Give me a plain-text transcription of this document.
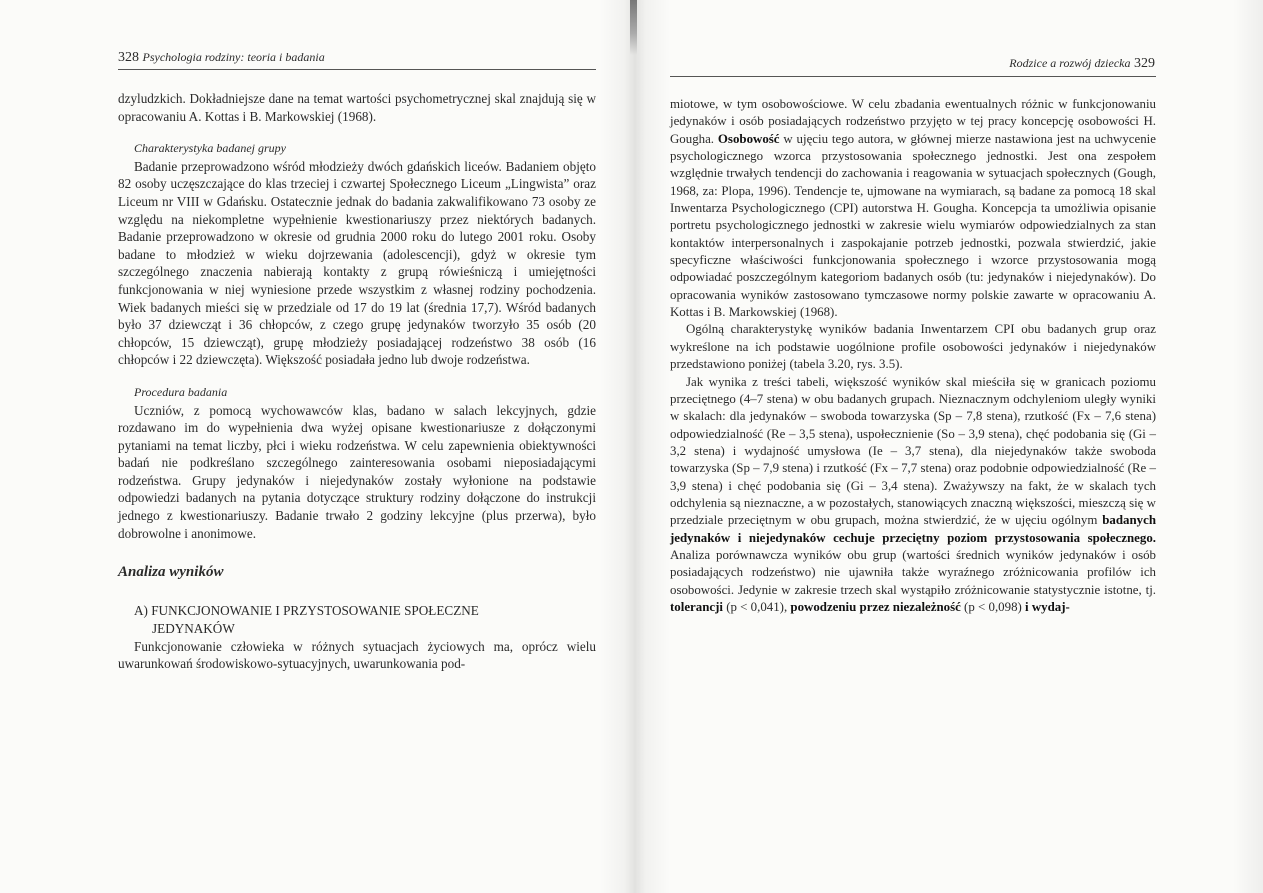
328 Psychologia rodziny: teoria i badania

dzyludzkich. Dokładniejsze dane na temat wartości psychometrycznej skal znajdują się w opracowaniu A. Kottas i B. Markowskiej (1968).

Charakterystyka badanej grupy

Badanie przeprowadzono wśród młodzieży dwóch gdańskich liceów. Badaniem objęto 82 osoby uczęszczające do klas trzeciej i czwartej Społecznego Liceum „Lingwista” oraz Liceum nr VIII w Gdańsku. Ostatecznie jednak do badania zakwalifikowano 73 osoby ze względu na niekompletne wypełnienie kwestionariuszy przez niektórych badanych. Badanie przeprowadzono w okresie od grudnia 2000 roku do lutego 2001 roku. Osoby badane to młodzież w wieku dojrzewania (adolescencji), gdyż w okresie tym szczególnego znaczenia nabierają kontakty z grupą rówieśniczą i umiejętności funkcjonowania w niej wyniesione przede wszystkim z własnej rodziny pochodzenia. Wiek badanych mieści się w przedziale od 17 do 19 lat (średnia 17,7). Wśród badanych było 37 dziewcząt i 36 chłopców, z czego grupę jedynaków tworzyło 35 osób (20 chłopców, 15 dziewcząt), grupę młodzieży posiadającej rodzeństwo 38 osób (16 chłopców i 22 dziewczęta). Większość posiadała jedno lub dwoje rodzeństwa.

Procedura badania

Uczniów, z pomocą wychowawców klas, badano w salach lekcyjnych, gdzie rozdawano im do wypełnienia dwa wyżej opisane kwestionariusze z dołączonymi pytaniami na temat liczby, płci i wieku rodzeństwa. W celu zapewnienia obiektywności badań nie podkreślano szczególnego zainteresowania osobami nieposiadającymi rodzeństwa. Grupy jedynaków i niejedynaków zostały wyłonione na podstawie odpowiedzi badanych na pytania dotyczące struktury rodziny dołączone do instrukcji jednego z kwestionariuszy. Badanie trwało 2 godziny lekcyjne (plus przerwa), było dobrowolne i anonimowe.

Analiza wyników
A) FUNKCJONOWANIE I PRZYSTOSOWANIE SPOŁECZNE
JEDYNAKÓW

Funkcjonowanie człowieka w różnych sytuacjach życiowych ma, oprócz wielu uwarunkowań środowiskowo-sytuacyjnych, uwarunkowania pod-

Rodzice a rozwój dziecka 329

miotowe, w tym osobowościowe. W celu zbadania ewentualnych różnic w funkcjonowaniu jedynaków i osób posiadających rodzeństwo przyjęto w tej pracy koncepcję osobowości H. Gougha. Osobowość w ujęciu tego autora, w głównej mierze nastawiona jest na uchwycenie psychologicznego wzorca przystosowania społecznego jednostki. Jest ona zespołem względnie trwałych tendencji do zachowania i reagowania w sytuacjach społecznych (Gough, 1968, za: Plopa, 1996). Tendencje te, ujmowane na wymiarach, są badane za pomocą 18 skal Inwentarza Psychologicznego (CPI) autorstwa H. Gougha. Koncepcja ta umożliwia opisanie portretu psychologicznego jednostki w zakresie wielu wymiarów odpowiedzialnych za stan kontaktów interpersonalnych i zaspokajanie potrzeb jednostki, pozwala stwierdzić, jakie specyficzne właściwości funkcjonowania społecznego i wzorce przystosowania mogą odpowiadać poszczególnym kategoriom badanych osób (tu: jedynaków i niejedynaków). Do opracowania wyników zastosowano tymczasowe normy polskie zawarte w opracowaniu A. Kottas i B. Markowskiej (1968).

Ogólną charakterystykę wyników badania Inwentarzem CPI obu badanych grup oraz wykreślone na ich podstawie uogólnione profile osobowości jedynaków i niejedynaków przedstawiono poniżej (tabela 3.20, rys. 3.5).

Jak wynika z treści tabeli, większość wyników skal mieściła się w granicach poziomu przeciętnego (4–7 stena) w obu badanych grupach. Nieznacznym odchyleniom uległy wyniki w skalach: dla jedynaków – swoboda towarzyska (Sp – 7,8 stena), rzutkość (Fx – 7,6 stena) odpowiedzialność (Re – 3,5 stena), uspołecznienie (So – 3,9 stena), chęć podobania się (Gi – 3,2 stena) i wydajność umysłowa (Ie – 3,7 stena), dla niejedynaków także swoboda towarzyska (Sp – 7,9 stena) i rzutkość (Fx – 7,7 stena) oraz podobnie odpowiedzialność (Re – 3,9 stena) i chęć podobania się (Gi – 3,4 stena). Zważywszy na fakt, że w skalach tych odchylenia są nieznaczne, a w pozostałych, stanowiących znaczną większości, mieszczą się w przedziale przeciętnym w obu grupach, można stwierdzić, że w ujęciu ogólnym badanych jedynaków i niejedynaków cechuje przeciętny poziom przystosowania społecznego. Analiza porównawcza wyników obu grup (wartości średnich wyników jedynaków i osób posiadających rodzeństwo) nie ujawniła także wyraźnego zróżnicowania profilów ich osobowości. Jedynie w zakresie trzech skal wystąpiło zróżnicowanie statystycznie istotne, tj. tolerancji (p < 0,041), powodzeniu przez niezależność (p < 0,098) i wydaj-
